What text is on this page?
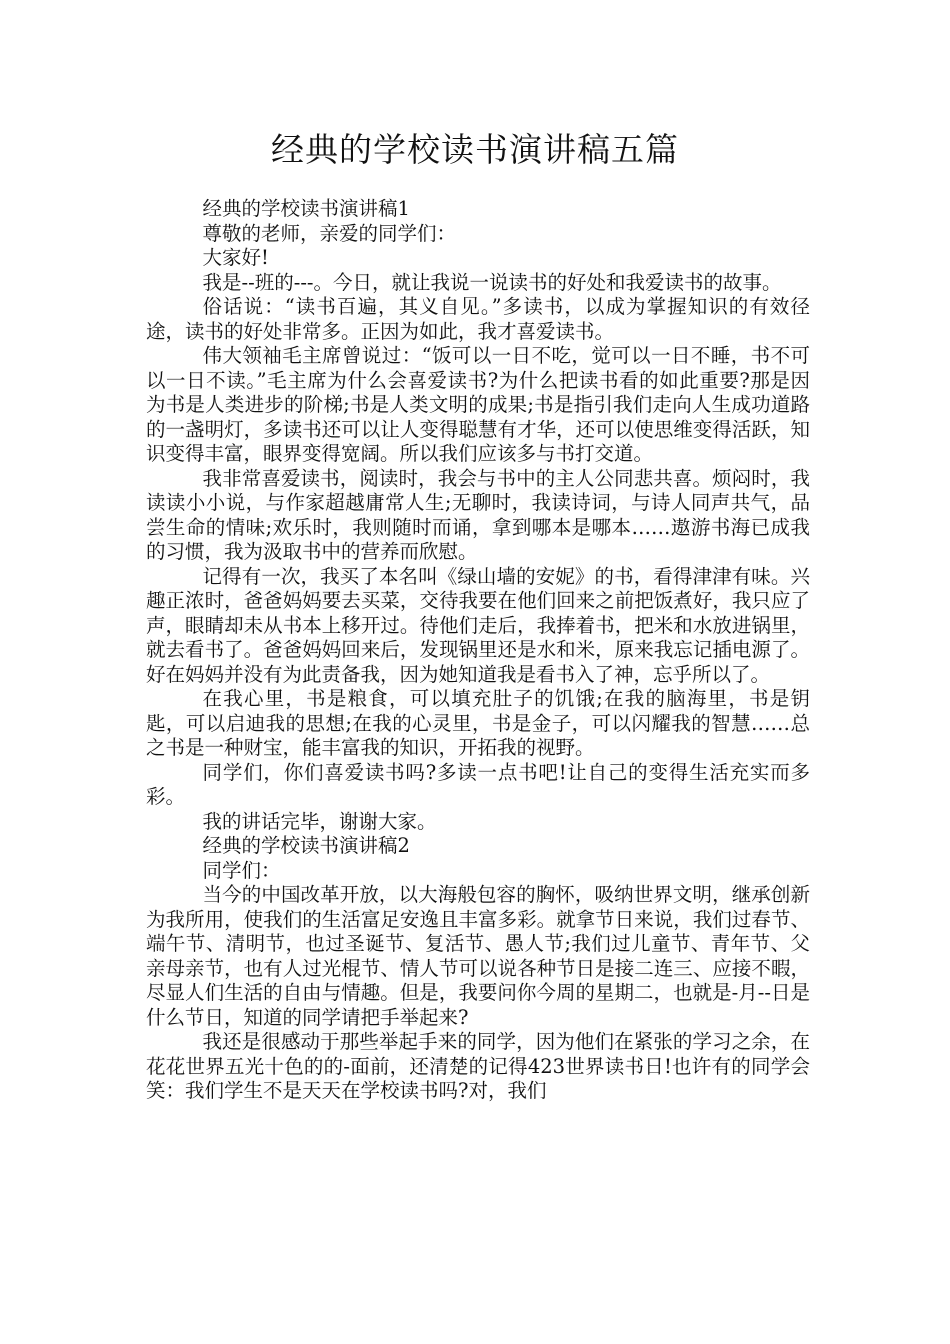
经典的学校读书演讲稿五篇

经典的学校读书演讲稿1

尊敬的老师，亲爱的同学们：

大家好!

我是--班的---。今日，就让我说一说读书的好处和我爱读书的故事。

俗话说：“读书百遍，其义自见。”多读书，以成为掌握知识的有效径途，读书的好处非常多。正因为如此，我才喜爱读书。

伟大领袖毛主席曾说过：“饭可以一日不吃，觉可以一日不睡，书不可以一日不读。”毛主席为什么会喜爱读书?为什么把读书看的如此重要?那是因为书是人类进步的阶梯;书是人类文明的成果;书是指引我们走向人生成功道路的一盏明灯，多读书还可以让人变得聪慧有才华，还可以使思维变得活跃，知识变得丰富，眼界变得宽阔。所以我们应该多与书打交道。

我非常喜爱读书，阅读时，我会与书中的主人公同悲共喜。烦闷时，我读读小小说，与作家超越庸常人生;无聊时，我读诗词，与诗人同声共气，品尝生命的情味;欢乐时，我则随时而诵，拿到哪本是哪本……遨游书海已成我的习惯，我为汲取书中的营养而欣慰。

记得有一次，我买了本名叫《绿山墙的安妮》的书，看得津津有味。兴趣正浓时，爸爸妈妈要去买菜，交待我要在他们回来之前把饭煮好，我只应了声，眼睛却未从书本上移开过。待他们走后，我捧着书，把米和水放进锅里，就去看书了。爸爸妈妈回来后，发现锅里还是水和米，原来我忘记插电源了。好在妈妈并没有为此责备我，因为她知道我是看书入了神，忘乎所以了。

在我心里，书是粮食，可以填充肚子的饥饿;在我的脑海里，书是钥匙，可以启迪我的思想;在我的心灵里，书是金子，可以闪耀我的智慧……总之书是一种财宝，能丰富我的知识，开拓我的视野。

同学们，你们喜爱读书吗?多读一点书吧!让自己的变得生活充实而多彩。

我的讲话完毕，谢谢大家。

经典的学校读书演讲稿2

同学们：

当今的中国改革开放，以大海般包容的胸怀，吸纳世界文明，继承创新为我所用，使我们的生活富足安逸且丰富多彩。就拿节日来说，我们过春节、端午节、清明节，也过圣诞节、复活节、愚人节;我们过儿童节、青年节、父亲母亲节，也有人过光棍节、情人节可以说各种节日是接二连三、应接不暇，尽显人们生活的自由与情趣。但是，我要问你今周的星期二，也就是-月--日是什么节日，知道的同学请把手举起来?

我还是很感动于那些举起手来的同学，因为他们在紧张的学习之余，在花花世界五光十色的的-面前，还清楚的记得423世界读书日!也许有的同学会笑：我们学生不是天天在学校读书吗?对，我们
